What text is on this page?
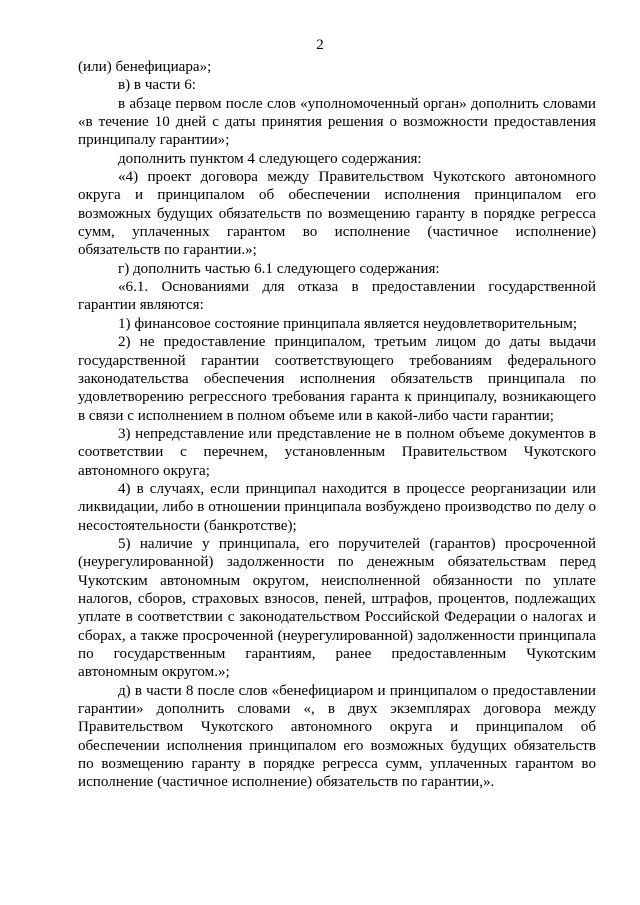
2

(или) бенефициара»;

в) в части 6:

в абзаце первом после слов «уполномоченный орган» дополнить словами «в течение 10 дней с даты принятия решения о возможности предоставления принципалу гарантии»;

дополнить пунктом 4 следующего содержания:

«4) проект договора между Правительством Чукотского автономного округа и принципалом об обеспечении исполнения принципалом его возможных будущих обязательств по возмещению гаранту в порядке регресса сумм, уплаченных гарантом во исполнение (частичное исполнение) обязательств по гарантии.»;

г) дополнить частью 6.1 следующего содержания:

«6.1. Основаниями для отказа в предоставлении государственной гарантии являются:

1) финансовое состояние принципала является неудовлетворительным;

2) не предоставление принципалом, третьим лицом до даты выдачи государственной гарантии соответствующего требованиям федерального законодательства обеспечения исполнения обязательств принципала по удовлетворению регрессного требования гаранта к принципалу, возникающего в связи с исполнением в полном объеме или в какой-либо части гарантии;

3) непредставление или представление не в полном объеме документов в соответствии с перечнем, установленным Правительством Чукотского автономного округа;

4) в случаях, если принципал находится в процессе реорганизации или ликвидации, либо в отношении принципала возбуждено производство по делу о несостоятельности (банкротстве);

5) наличие у принципала, его поручителей (гарантов) просроченной (неурегулированной) задолженности по денежным обязательствам перед Чукотским автономным округом, неисполненной обязанности по уплате налогов, сборов, страховых взносов, пеней, штрафов, процентов, подлежащих уплате в соответствии с законодательством Российской Федерации о налогах и сборах, а также просроченной (неурегулированной) задолженности принципала по государственным гарантиям, ранее предоставленным Чукотским автономным округом.»;

д) в части 8 после слов «бенефициаром и принципалом о предоставлении гарантии» дополнить словами «, в двух экземплярах договора между Правительством Чукотского автономного округа и принципалом об обеспечении исполнения принципалом его возможных будущих обязательств по возмещению гаранту в порядке регресса сумм, уплаченных гарантом во исполнение (частичное исполнение) обязательств по гарантии,».
